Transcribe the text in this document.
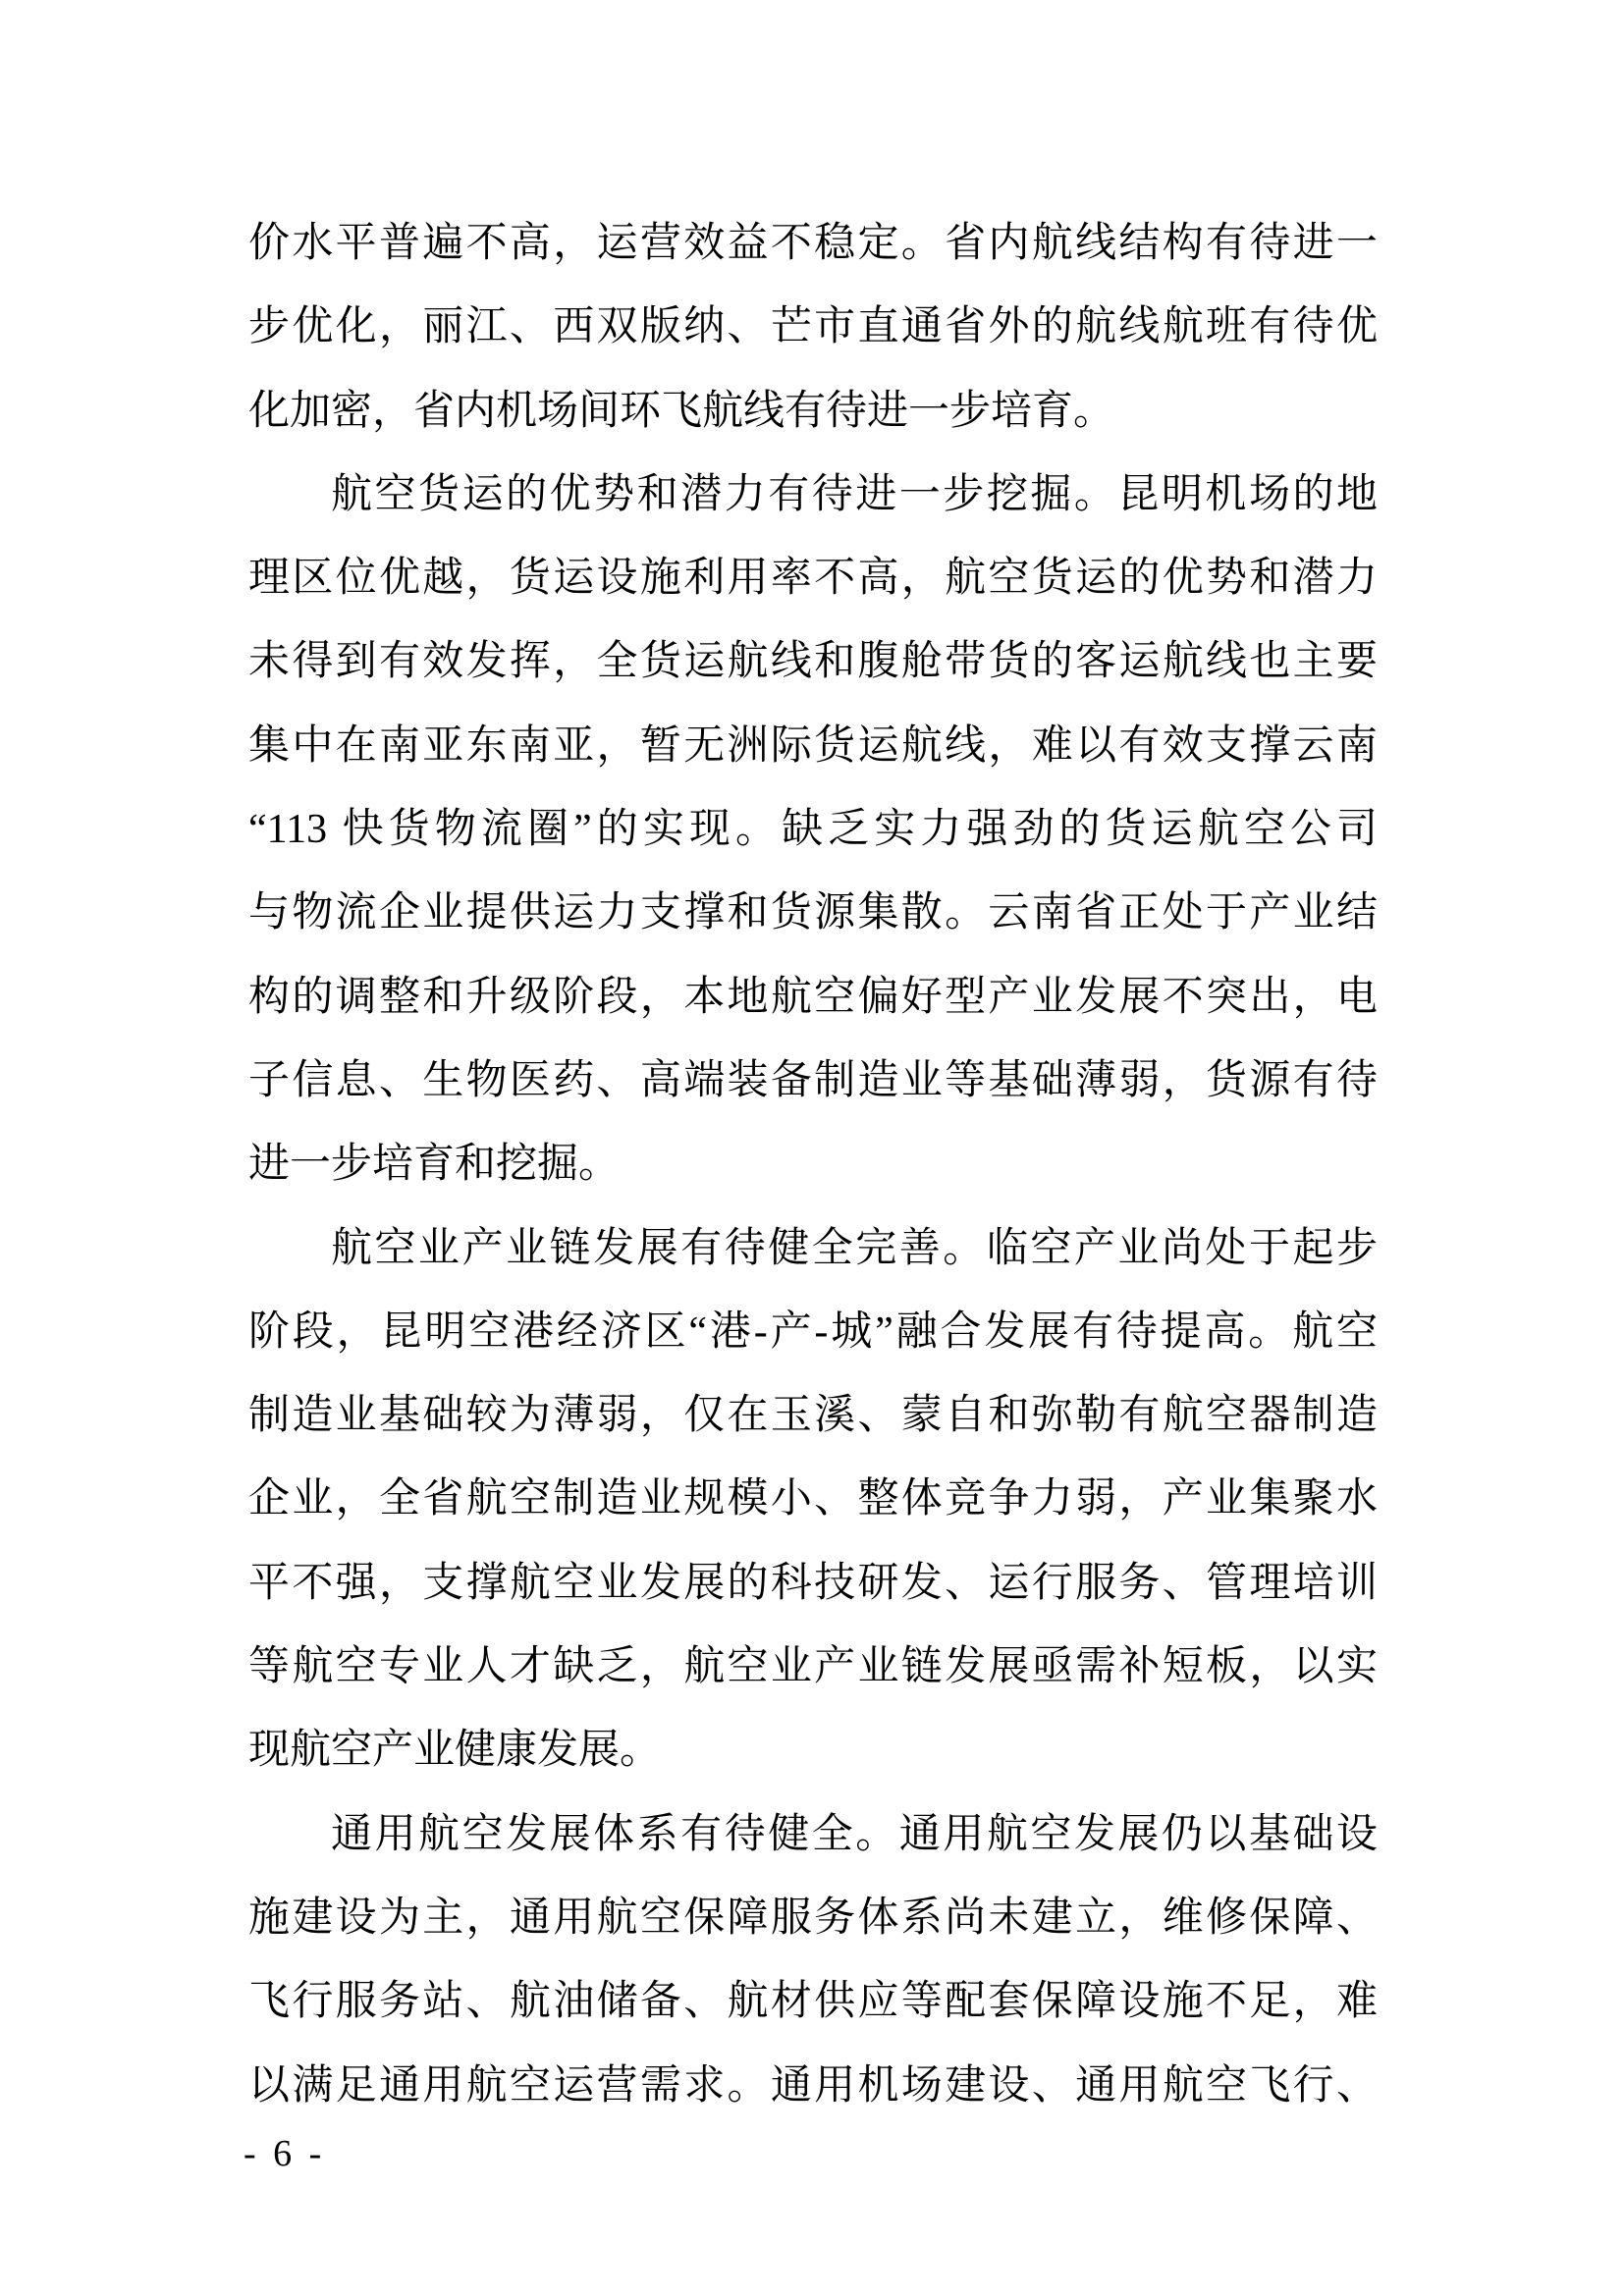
价水平普遍不高，运营效益不稳定。省内航线结构有待进一
步优化，丽江、西双版纳、芒市直通省外的航线航班有待优
化加密，省内机场间环飞航线有待进一步培育。
航空货运的优势和潜力有待进一步挖掘。昆明机场的地
理区位优越，货运设施利用率不高，航空货运的优势和潜力
未得到有效发挥，全货运航线和腹舱带货的客运航线也主要
集中在南亚东南亚，暂无洲际货运航线，难以有效支撑云南
“113 快货物流圈”的实现。缺乏实力强劲的货运航空公司
与物流企业提供运力支撑和货源集散。云南省正处于产业结
构的调整和升级阶段，本地航空偏好型产业发展不突出，电
子信息、生物医药、高端装备制造业等基础薄弱，货源有待
进一步培育和挖掘。
航空业产业链发展有待健全完善。临空产业尚处于起步
阶段，昆明空港经济区“港-产-城”融合发展有待提高。航空
制造业基础较为薄弱，仅在玉溪、蒙自和弥勒有航空器制造
企业，全省航空制造业规模小、整体竞争力弱，产业集聚水
平不强，支撑航空业发展的科技研发、运行服务、管理培训
等航空专业人才缺乏，航空业产业链发展亟需补短板，以实
现航空产业健康发展。
通用航空发展体系有待健全。通用航空发展仍以基础设
施建设为主，通用航空保障服务体系尚未建立，维修保障、
飞行服务站、航油储备、航材供应等配套保障设施不足，难
以满足通用航空运营需求。通用机场建设、通用航空飞行、
- 6 -
